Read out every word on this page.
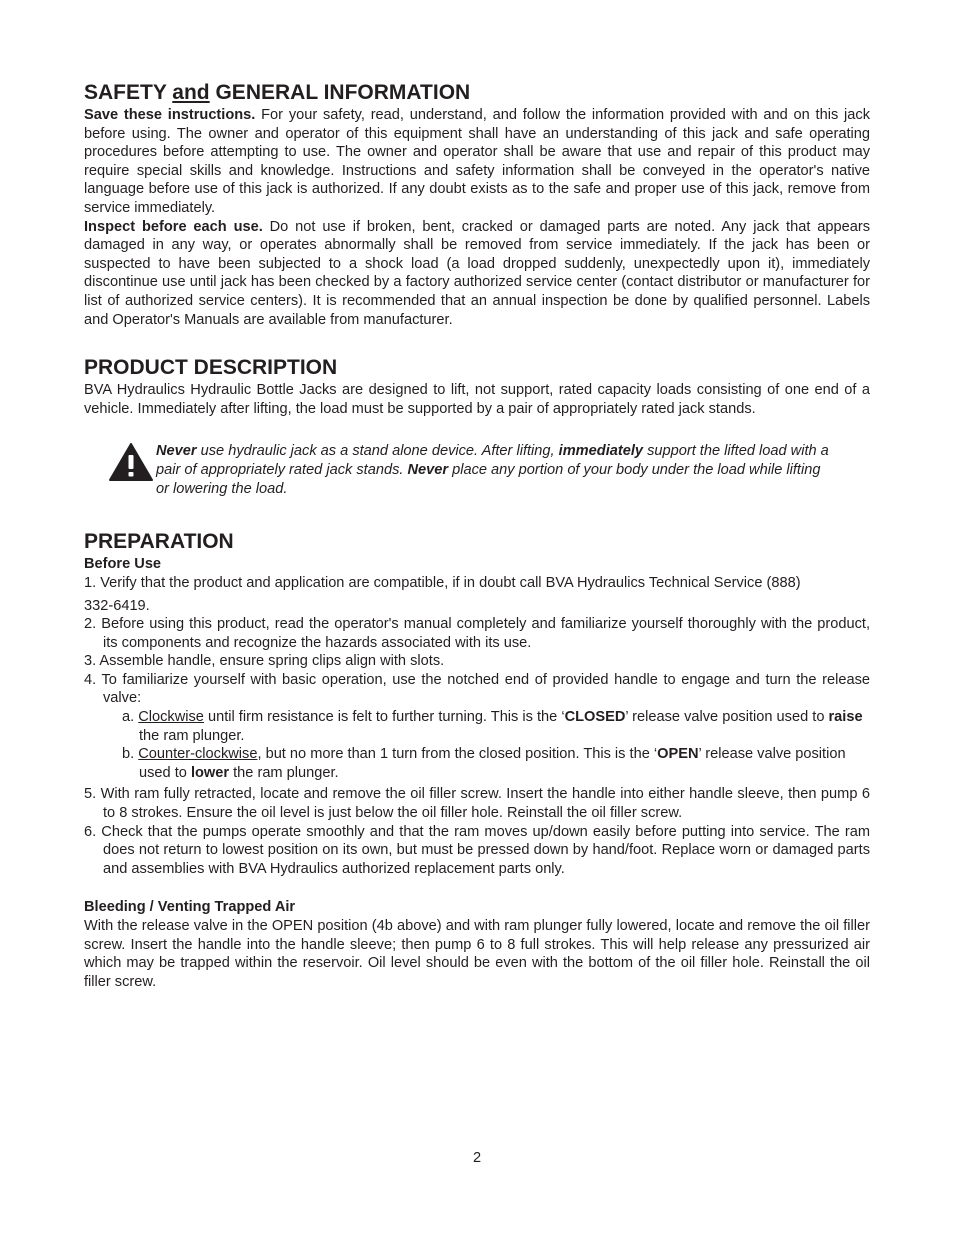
SAFETY and GENERAL INFORMATION

Save these instructions. For your safety, read, understand, and follow the information provided with and on this jack before using. The owner and operator of this equipment shall have an understanding of this jack and safe operating procedures before attempting to use. The owner and operator shall be aware that use and repair of this product may require special skills and knowledge. Instructions and safety information shall be conveyed in the operator's native language before use of this jack is authorized. If any doubt exists as to the safe and proper use of this jack, remove from service immediately.

Inspect before each use. Do not use if broken, bent, cracked or damaged parts are noted. Any jack that appears damaged in any way, or operates abnormally shall be removed from service immediately. If the jack has been or suspected to have been subjected to a shock load (a load dropped suddenly, unexpectedly upon it), immediately discontinue use until jack has been checked by a factory authorized service center (contact distributor or manufacturer for list of authorized service centers). It is recommended that an annual inspection be done by qualified personnel. Labels and Operator's Manuals are available from manufacturer.

PRODUCT DESCRIPTION

BVA Hydraulics Hydraulic Bottle Jacks are designed to lift, not support, rated capacity loads consisting of one end of a vehicle. Immediately after lifting, the load must be supported by a pair of appropriately rated jack stands.

Never use hydraulic jack as a stand alone device. After lifting, immediately support the lifted load with a pair of appropriately rated jack stands. Never place any portion of your body under the load while lifting or lowering the load.
PREPARATION
Before Use
1. Verify that the product and application are compatible, if in doubt call BVA Hydraulics Technical Service (888)
332-6419.
2. Before using this product, read the operator's manual completely and familiarize yourself thoroughly with the product, its components and recognize the hazards associated with its use.
3. Assemble handle, ensure spring clips align with slots.
4. To familiarize yourself with basic operation, use the notched end of provided handle to engage and turn the release valve:
a. Clockwise until firm resistance is felt to further turning. This is the ‘CLOSED’ release valve position used to raise the ram plunger.
b. Counter-clockwise, but no more than 1 turn from the closed position. This is the ‘OPEN’ release valve position used to lower the ram plunger.
5. With ram fully retracted, locate and remove the oil filler screw. Insert the handle into either handle sleeve, then pump 6 to 8 strokes. Ensure the oil level is just below the oil filler hole. Reinstall the oil filler screw.
6. Check that the pumps operate smoothly and that the ram moves up/down easily before putting into service. The ram does not return to lowest position on its own, but must be pressed down by hand/foot. Replace worn or damaged parts and assemblies with BVA Hydraulics authorized replacement parts only.
Bleeding / Venting Trapped Air

With the release valve in the OPEN position (4b above) and with ram plunger fully lowered, locate and remove the oil filler screw. Insert the handle into the handle sleeve; then pump 6 to 8 full strokes. This will help release any pressurized air which may be trapped within the reservoir. Oil level should be even with the bottom of the oil filler hole. Reinstall the oil filler screw.

2
